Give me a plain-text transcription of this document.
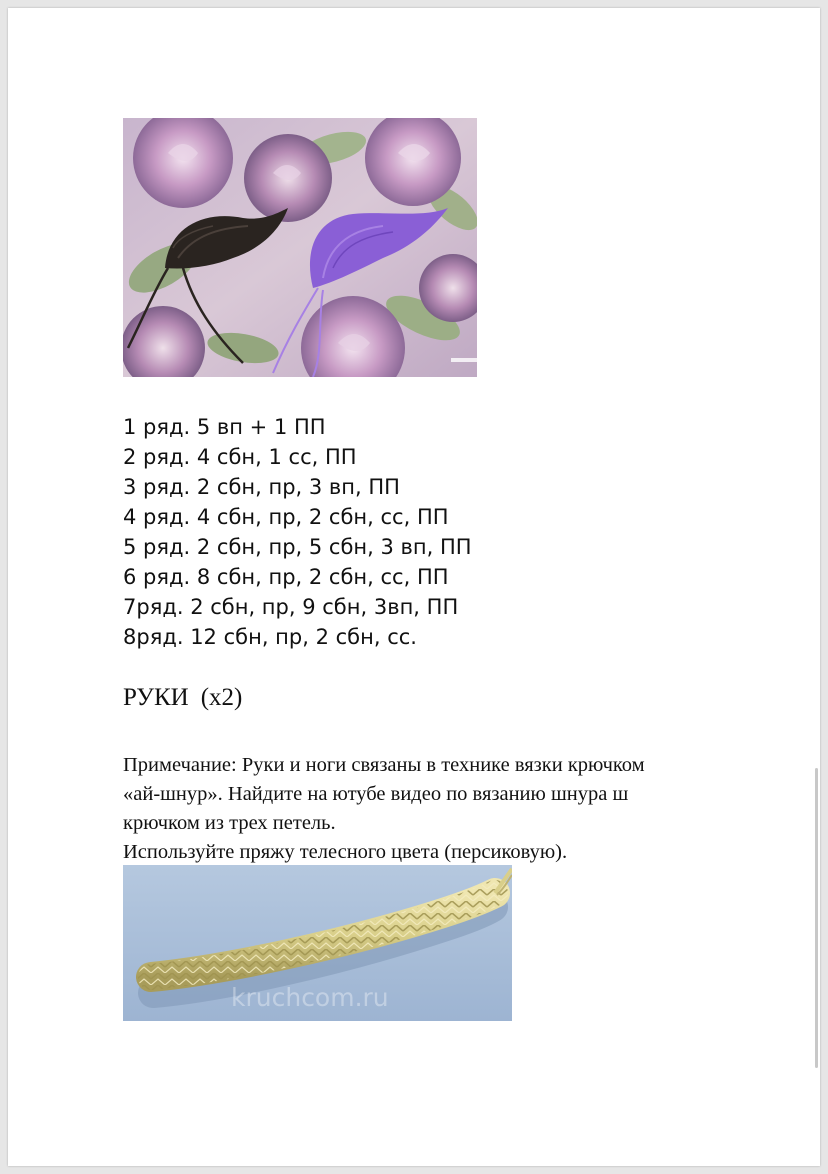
1 ряд. 5 вп + 1 ПП
2 ряд. 4 сбн, 1 сс, ПП
3 ряд. 2 сбн, пр, 3 вп, ПП
4 ряд. 4 сбн, пр, 2 сбн, сс, ПП
5 ряд. 2 сбн, пр, 5 сбн, 3 вп, ПП
6 ряд. 8 сбн, пр, 2 сбн, сс, ПП
7ряд. 2 сбн, пр, 9 сбн, 3вп, ПП
8ряд. 12 сбн, пр, 2 сбн, сс.
РУКИ (х2)

Примечание: Руки и ноги связаны в технике вязки крючком

«ай-шнур». Найдите на ютубе видео по вязанию шнура ш

крючком из трех петель.

Используйте пряжу телесного цвета (персиковую).

kruchcom.ru
